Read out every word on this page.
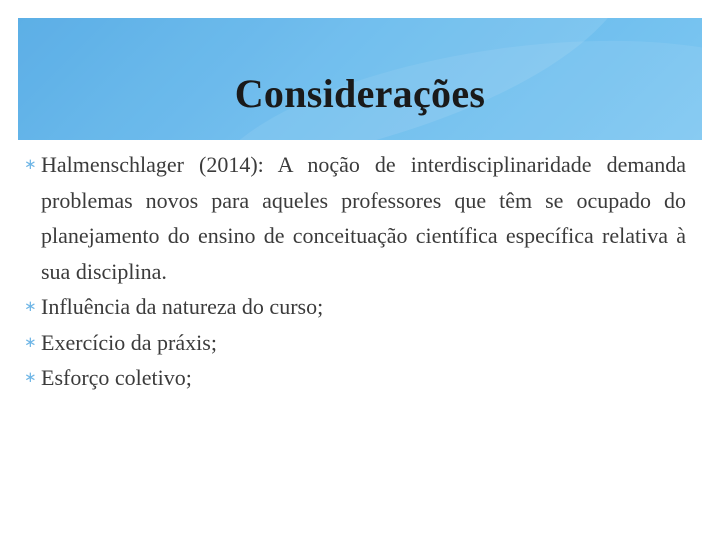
Considerações
∗ Halmenschlager (2014): A noção de interdisciplinaridade demanda problemas novos para aqueles professores que têm se ocupado do planejamento do ensino de conceituação científica específica relativa à sua disciplina.
∗ Influência da natureza do curso;
∗ Exercício da práxis;
∗ Esforço coletivo;
